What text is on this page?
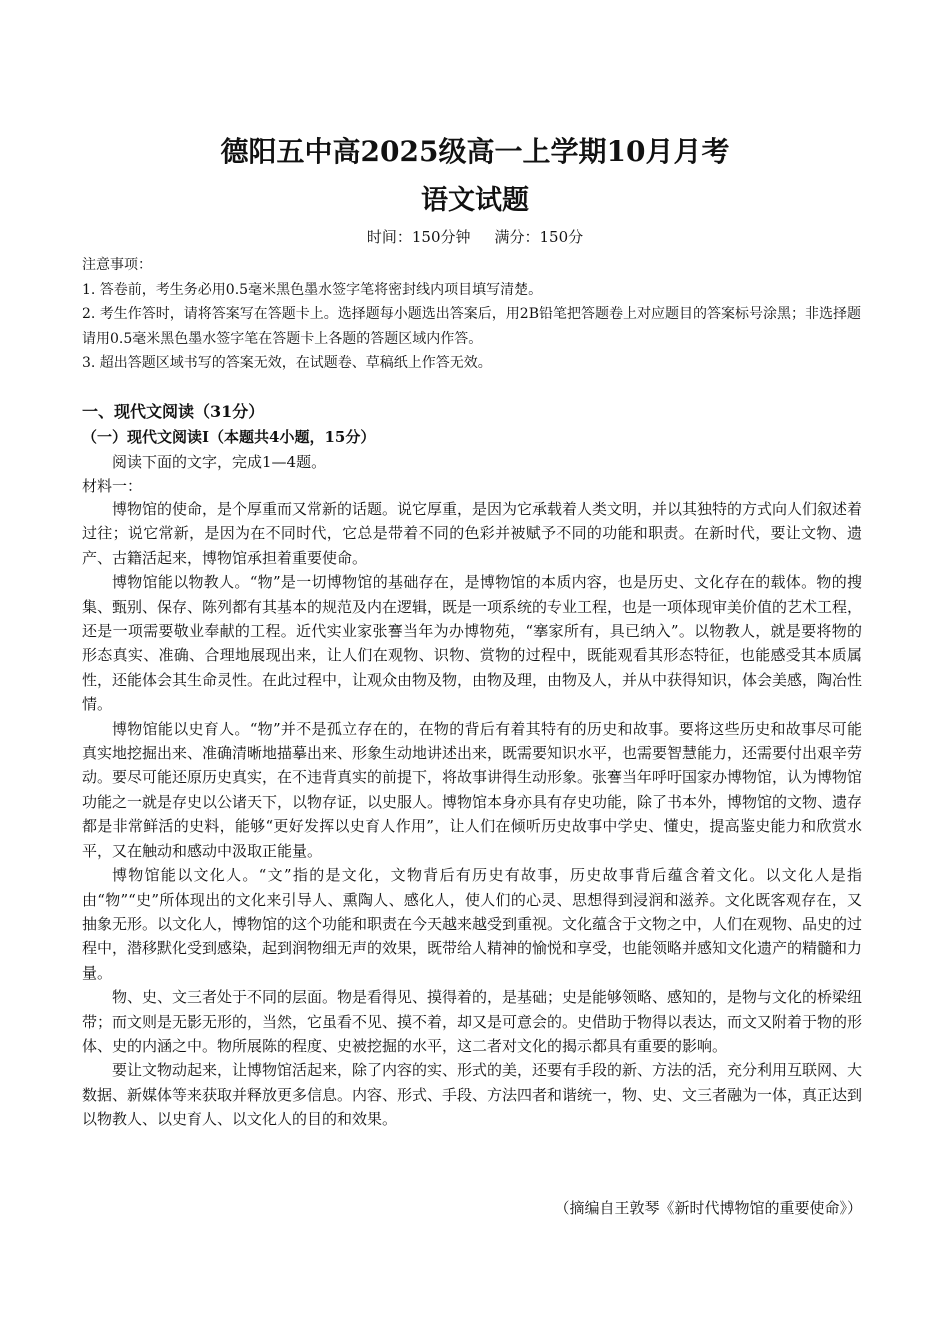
德阳五中高2025级高一上学期10月月考
语文试题
时间：150分钟 满分：150分

注意事项：

1. 答卷前，考生务必用0.5毫米黑色墨水签字笔将密封线内项目填写清楚。

2. 考生作答时，请将答案写在答题卡上。选择题每小题选出答案后，用2B铅笔把答题卷上对应题目的答案标号涂黑；非选择题请用0.5毫米黑色墨水签字笔在答题卡上各题的答题区域内作答。

3. 超出答题区域书写的答案无效，在试题卷、草稿纸上作答无效。

一、现代文阅读（31分）
（一）现代文阅读Ⅰ（本题共4小题，15分）
阅读下面的文字，完成1—4题。
材料一：

博物馆的使命，是个厚重而又常新的话题。说它厚重，是因为它承载着人类文明，并以其独特的方式向人们叙述着过往；说它常新，是因为在不同时代，它总是带着不同的色彩并被赋予不同的功能和职责。在新时代，要让文物、遗产、古籍活起来，博物馆承担着重要使命。

博物馆能以物教人。“物”是一切博物馆的基础存在，是博物馆的本质内容，也是历史、文化存在的载体。物的搜集、甄别、保存、陈列都有其基本的规范及内在逻辑，既是一项系统的专业工程，也是一项体现审美价值的艺术工程，还是一项需要敬业奉献的工程。近代实业家张謇当年为办博物苑，“搴家所有，具已纳入”。以物教人，就是要将物的形态真实、准确、合理地展现出来，让人们在观物、识物、赏物的过程中，既能观看其形态特征，也能感受其本质属性，还能体会其生命灵性。在此过程中，让观众由物及物，由物及理，由物及人，并从中获得知识，体会美感，陶冶性情。

博物馆能以史育人。“物”并不是孤立存在的，在物的背后有着其特有的历史和故事。要将这些历史和故事尽可能真实地挖掘出来、准确清晰地描摹出来、形象生动地讲述出来，既需要知识水平，也需要智慧能力，还需要付出艰辛劳动。要尽可能还原历史真实，在不违背真实的前提下，将故事讲得生动形象。张謇当年呼吁国家办博物馆，认为博物馆功能之一就是存史以公诸天下，以物存证，以史服人。博物馆本身亦具有存史功能，除了书本外，博物馆的文物、遗存都是非常鲜活的史料，能够“更好发挥以史育人作用”，让人们在倾听历史故事中学史、懂史，提高鉴史能力和欣赏水平，又在触动和感动中汲取正能量。

博物馆能以文化人。“文”指的是文化，文物背后有历史有故事，历史故事背后蕴含着文化。以文化人是指由“物”“史”所体现出的文化来引导人、熏陶人、感化人，使人们的心灵、思想得到浸润和滋养。文化既客观存在，又抽象无形。以文化人，博物馆的这个功能和职责在今天越来越受到重视。文化蕴含于文物之中，人们在观物、品史的过程中，潜移默化受到感染，起到润物细无声的效果，既带给人精神的愉悦和享受，也能领略并感知文化遗产的精髓和力量。

物、史、文三者处于不同的层面。物是看得见、摸得着的，是基础；史是能够领略、感知的，是物与文化的桥梁纽带；而文则是无影无形的，当然，它虽看不见、摸不着，却又是可意会的。史借助于物得以表达，而文又附着于物的形体、史的内涵之中。物所展陈的程度、史被挖掘的水平，这二者对文化的揭示都具有重要的影响。

要让文物动起来，让博物馆活起来，除了内容的实、形式的美，还要有手段的新、方法的活，充分利用互联网、大数据、新媒体等来获取并释放更多信息。内容、形式、手段、方法四者和谐统一，物、史、文三者融为一体，真正达到以物教人、以史育人、以文化人的目的和效果。

（摘编自王敦琴《新时代博物馆的重要使命》）
